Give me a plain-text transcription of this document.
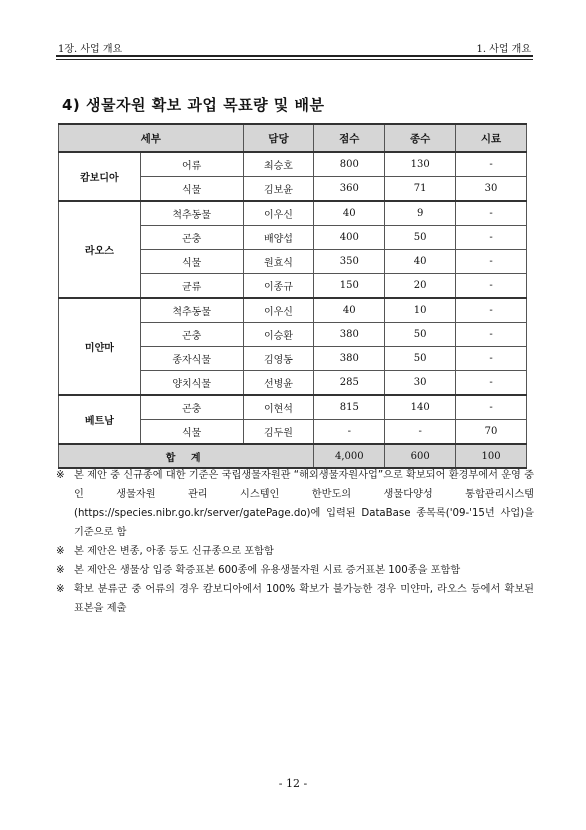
1장. 사업 개요	1. 사업 개요
4) 생물자원 확보 과업 목표량 및 배분
세부		담당	점수	종수	시료
캄보디아	어류	최승호	800	130	-
	식물	김보윤	360	71	30
라오스	척추동물	이우신	40	9	-
	곤충	배양섭	400	50	-
	식물	원효식	350	40	-
	균류	이종규	150	20	-
미얀마	척추동물	이우신	40	10	-
	곤충	이승환	380	50	-
	종자식물	김영동	380	50	-
	양치식물	선병윤	285	30	-
베트남	곤충	이현석	815	140	-
	식물	김두원	-	-	70
합 계			4,000	600	100
※ 본 제안 중 신규종에 대한 기준은 국립생물자원관 “해외생물자원사업”으로 확보되어 환경부에서 운영 중인 생물자원 관리 시스템인 한반도의 생물다양성 통합관리시스템(https://species.nibr.go.kr/server/gatePage.do)에 입력된 DataBase 종목록('09-'15년 사업)을 기준으로 함
※ 본 제안은 변종, 아종 등도 신규종으로 포함함
※ 본 제안은 생물상 입증 확증표본 600종에 유용생물자원 시료 증거표본 100종을 포함함
※ 확보 분류군 중 어류의 경우 캄보디아에서 100% 확보가 불가능한 경우 미얀마, 라오스 등에서 확보된 표본을 제출
- 12 -
